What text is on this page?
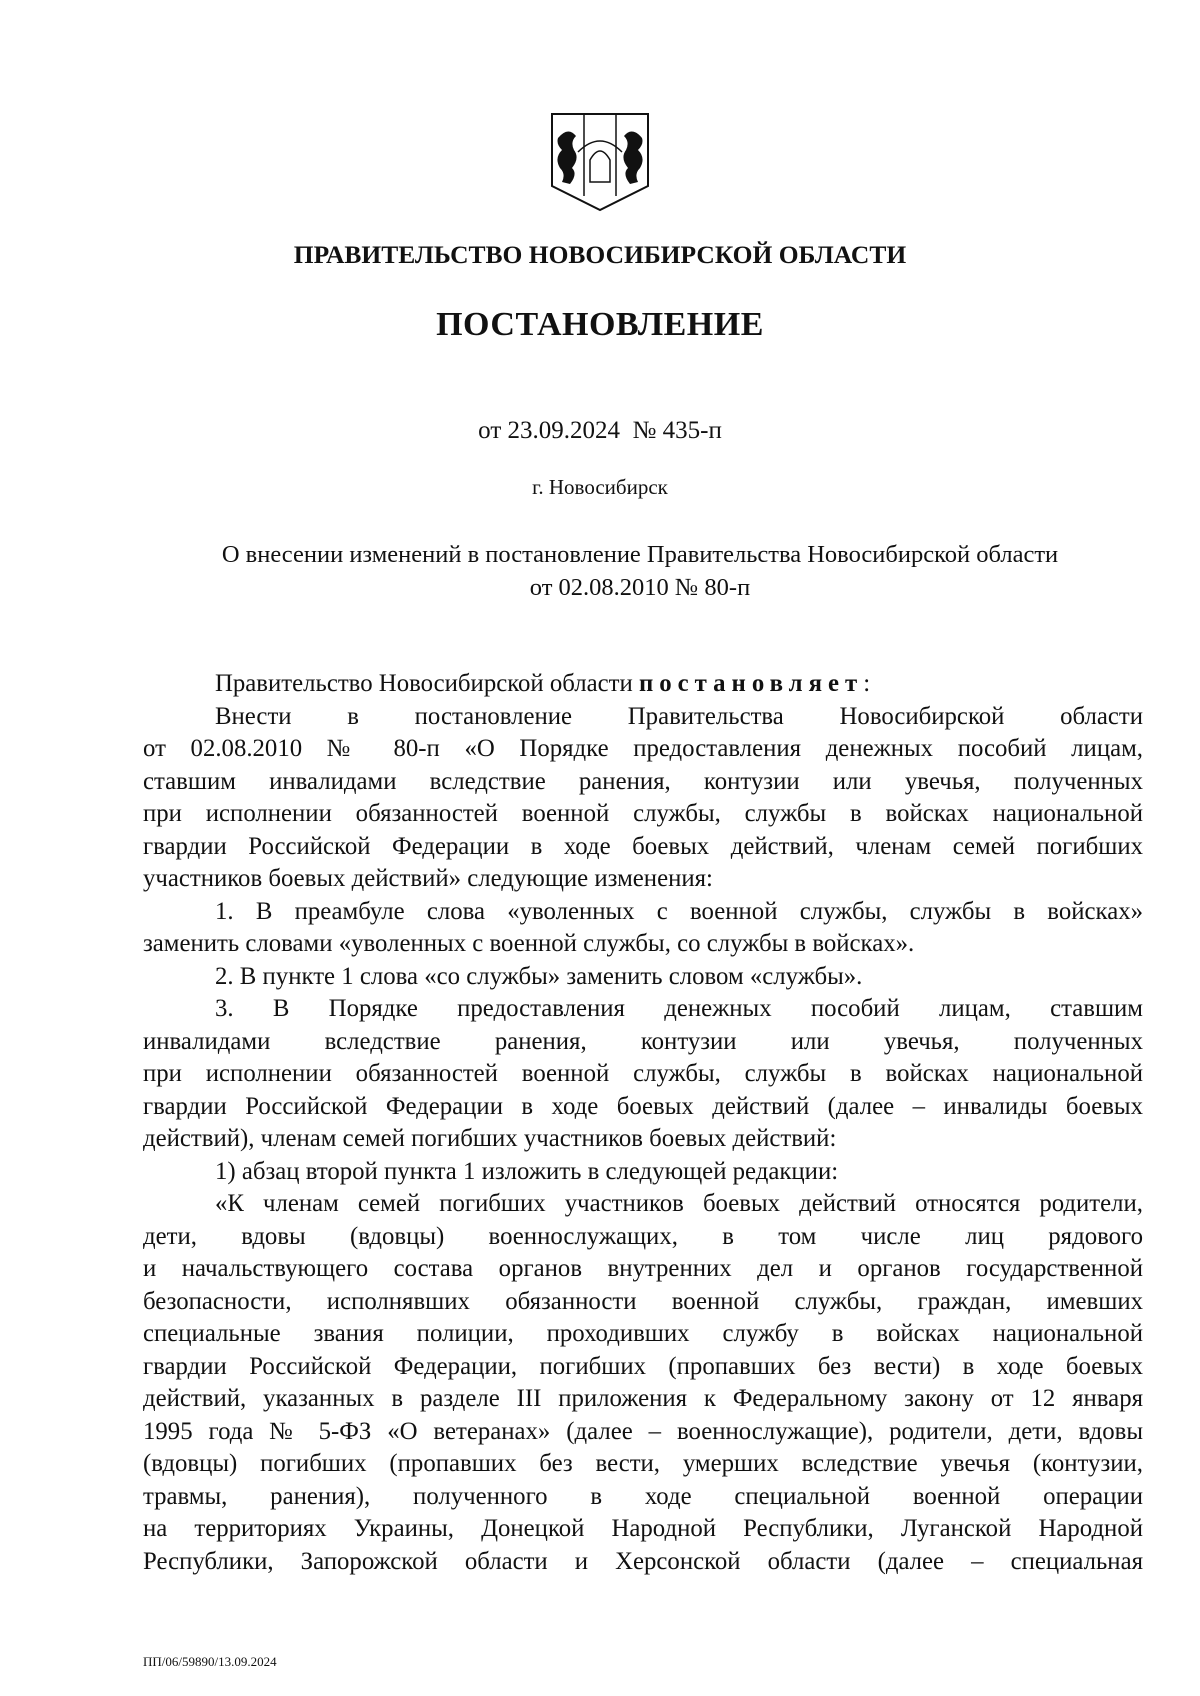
ПРАВИТЕЛЬСТВО НОВОСИБИРСКОЙ ОБЛАСТИ
ПОСТАНОВЛЕНИЕ
от 23.09.2024  № 435-п
г. Новосибирск
О внесении изменений в постановление Правительства Новосибирской области
от 02.08.2010 № 80-п
Правительство Новосибирской области постановляет:
Внести в постановление Правительства Новосибирской области
от 02.08.2010 № 80-п «О Порядке предоставления денежных пособий лицам,
ставшим инвалидами вследствие ранения, контузии или увечья, полученных
при исполнении обязанностей военной службы, службы в войсках национальной
гвардии Российской Федерации в ходе боевых действий, членам семей погибших
участников боевых действий» следующие изменения:
1. В преамбуле слова «уволенных с военной службы, службы в войсках»
заменить словами «уволенных с военной службы, со службы в войсках».
2. В пункте 1 слова «со службы» заменить словом «службы».
3. В Порядке предоставления денежных пособий лицам, ставшим
инвалидами вследствие ранения, контузии или увечья, полученных
при исполнении обязанностей военной службы, службы в войсках национальной
гвардии Российской Федерации в ходе боевых действий (далее – инвалиды боевых
действий), членам семей погибших участников боевых действий:
1) абзац второй пункта 1 изложить в следующей редакции:
«К членам семей погибших участников боевых действий относятся родители,
дети, вдовы (вдовцы) военнослужащих, в том числе лиц рядового
и начальствующего состава органов внутренних дел и органов государственной
безопасности, исполнявших обязанности военной службы, граждан, имевших
специальные звания полиции, проходивших службу в войсках национальной
гвардии Российской Федерации, погибших (пропавших без вести) в ходе боевых
действий, указанных в разделе III приложения к Федеральному закону от 12 января
1995 года № 5-ФЗ «О ветеранах» (далее – военнослужащие), родители, дети, вдовы
(вдовцы) погибших (пропавших без вести, умерших вследствие увечья (контузии,
травмы, ранения), полученного в ходе специальной военной операции
на территориях Украины, Донецкой Народной Республики, Луганской Народной
Республики, Запорожской области и Херсонской области (далее – специальная
ПП/06/59890/13.09.2024
